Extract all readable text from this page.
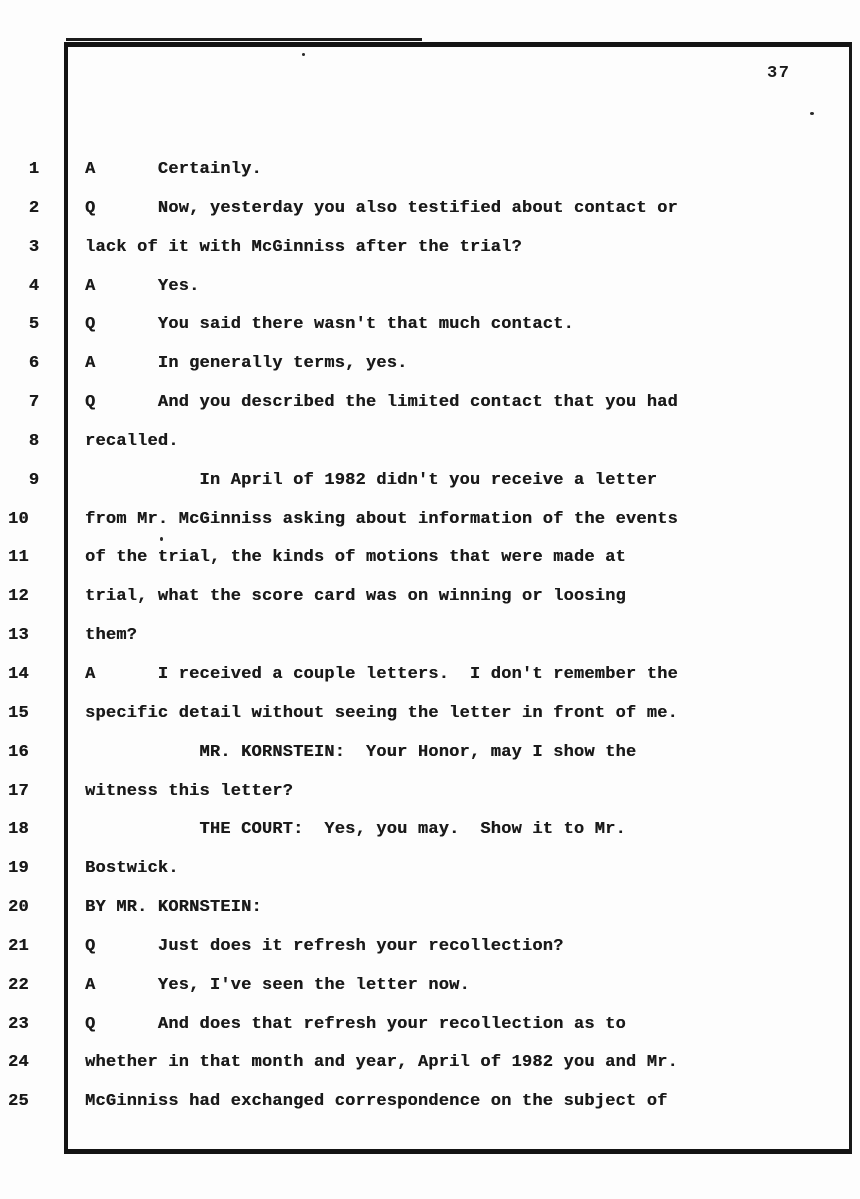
37
1
2
3
4
5
6
7
8
9
10
11
12
13
14
15
16
17
18
19
20
21
22
23
24
25
A      Certainly.
Q      Now, yesterday you also testified about contact or
lack of it with McGinniss after the trial?
A      Yes.
Q      You said there wasn't that much contact.
A      In generally terms, yes.
Q      And you described the limited contact that you had
recalled.
In April of 1982 didn't you receive a letter
from Mr. McGinniss asking about information of the events
of the trial, the kinds of motions that were made at
trial, what the score card was on winning or loosing
them?
A      I received a couple letters.  I don't remember the
specific detail without seeing the letter in front of me.
MR. KORNSTEIN:  Your Honor, may I show the
witness this letter?
THE COURT:  Yes, you may.  Show it to Mr.
Bostwick.
BY MR. KORNSTEIN:
Q      Just does it refresh your recollection?
A      Yes, I've seen the letter now.
Q      And does that refresh your recollection as to
whether in that month and year, April of 1982 you and Mr.
McGinniss had exchanged correspondence on the subject of
